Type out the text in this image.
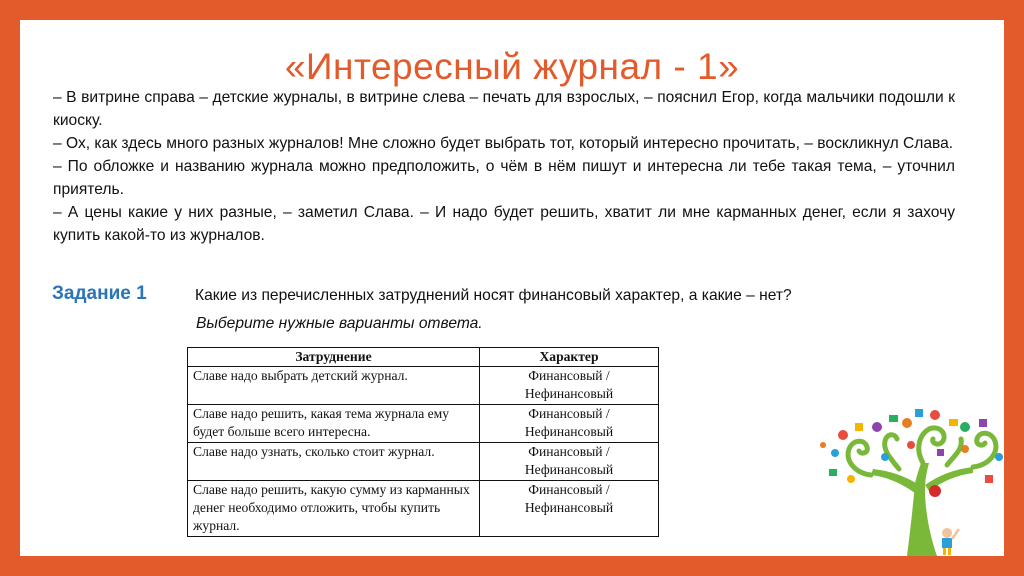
«Интересный журнал - 1»

– В витрине справа – детские журналы, в витрине слева – печать для взрослых, – пояснил Егор, когда мальчики подошли к киоску.

– Ох, как здесь много разных журналов! Мне сложно будет выбрать тот, который интересно прочитать, – воскликнул Слава.

– По обложке и названию журнала можно предположить, о чём в нём пишут и интересна ли тебе такая тема, – уточнил приятель.

– А цены какие у них разные, – заметил Слава. – И надо будет решить, хватит ли мне карманных денег, если я захочу купить какой-то из журналов.

Задание 1	Какие из перечисленных затруднений носят финансовый характер, а какие – нет?
Выберите нужные варианты ответа.
Затруднение	Характер
Славе надо выбрать детский журнал.	Финансовый /
Нефинансовый

Славе надо решить, какая тема журнала ему будет больше всего интересна.	Финансовый /
Нефинансовый

Славе надо узнать, сколько стоит журнал.	Финансовый /
Нефинансовый

Славе надо решить, какую сумму из карманных денег необходимо отложить, чтобы купить журнал.	Финансовый /
Нефинансовый
